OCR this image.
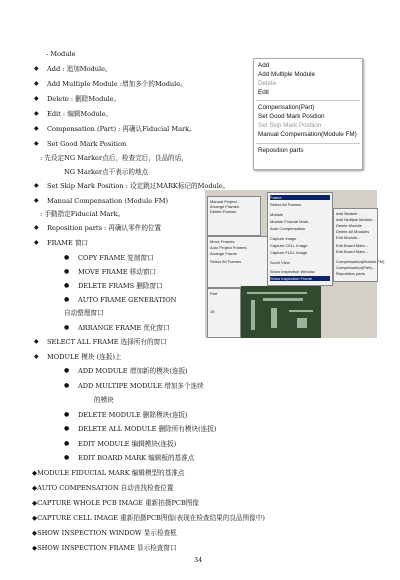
- Module
◆ Add : 追加Module。
◆ Add Multiple Module :增加多个的Module。
◆ Delete : 刪除Module。
◆ Edit : 编辑Module。
◆ Compensation (Part) : 再确认Fiducial Mark。
◆ Set Good Mark Position
: 先设定NG Marker点后，检查完后，良品的话，
NG Marker点干表示的地点
◆ Set Skip Mark Position : 设定跳过MARK标记的Module。
◆ Manual Compensation (Module FM)
: 手動指定Fiducial Mark。
◆ Reposition parts : 再确认零件的位置
◆ FRAME 窗口
● COPY FRAME 复制窗口
● MOVE FRAME 移动窗口
● DELETE FRAMS 删除窗口
● AUTO FRAME GENERATION
自动整理窗口
● ARRANGE FRAME 优化窗口
◆ SELECT ALL FRAME 选择所有的窗口
◆ MODULE 模块 (连扳)上
● ADD MODULE 增加新的模块(连扳)
● ADD MULTIPE MODULE 增加多个连续
的模块
● DELETE MODULE 删除模块(连扳)
● DELETE ALL MODULE 删除所有模块(连扳)
● EDIT MODULE 编辑模块(连扳)
● EDIT BOARD MARK 编辑板的基准点
◆MODULE FIDUCIAL MARK 编辑模型的基准点
◆AUTO COMPENSATION 自动丧找检查位置
◆CAPTURE WHOLE PCB IMAGE 重新拍摄PCB图像
◆CAPTURE CELL IMAGE 重新拍摄PCB图像(表现在检查结果的良品图像中)
◆SHOW INSPECTION WINDOW 显示检查框
◆SHOW INSPECTION FRAME 显示检查窗口
Add
Add Multiple Module
Delete
Edit
Compensation(Part)
Set Good Mark Position
Set Skip Mark Position
Manual Compensation(Module FM)
Reposition parts
Manual Project ...
Arrange Frames
Delete Frames
Move Frames
Auto Project Frames
Arrange Frame
Select All Frames
Frame
Select All Frames
Module
Module Fiducial Mark...
Auto Compensation
Capture Image
Capture CELL Image
Capture FULL Image
Scroll View
Show Inspection Window
Show Inspection Frame
Add Module...
Add Multiple Module...
Delete Module
Delete All Modules
Edit Module...
Edit Board Mark...
Edit Board Mark...
Compensation(Module FM)
Compensation(Part)...
Reposition parts
Part
16
34
